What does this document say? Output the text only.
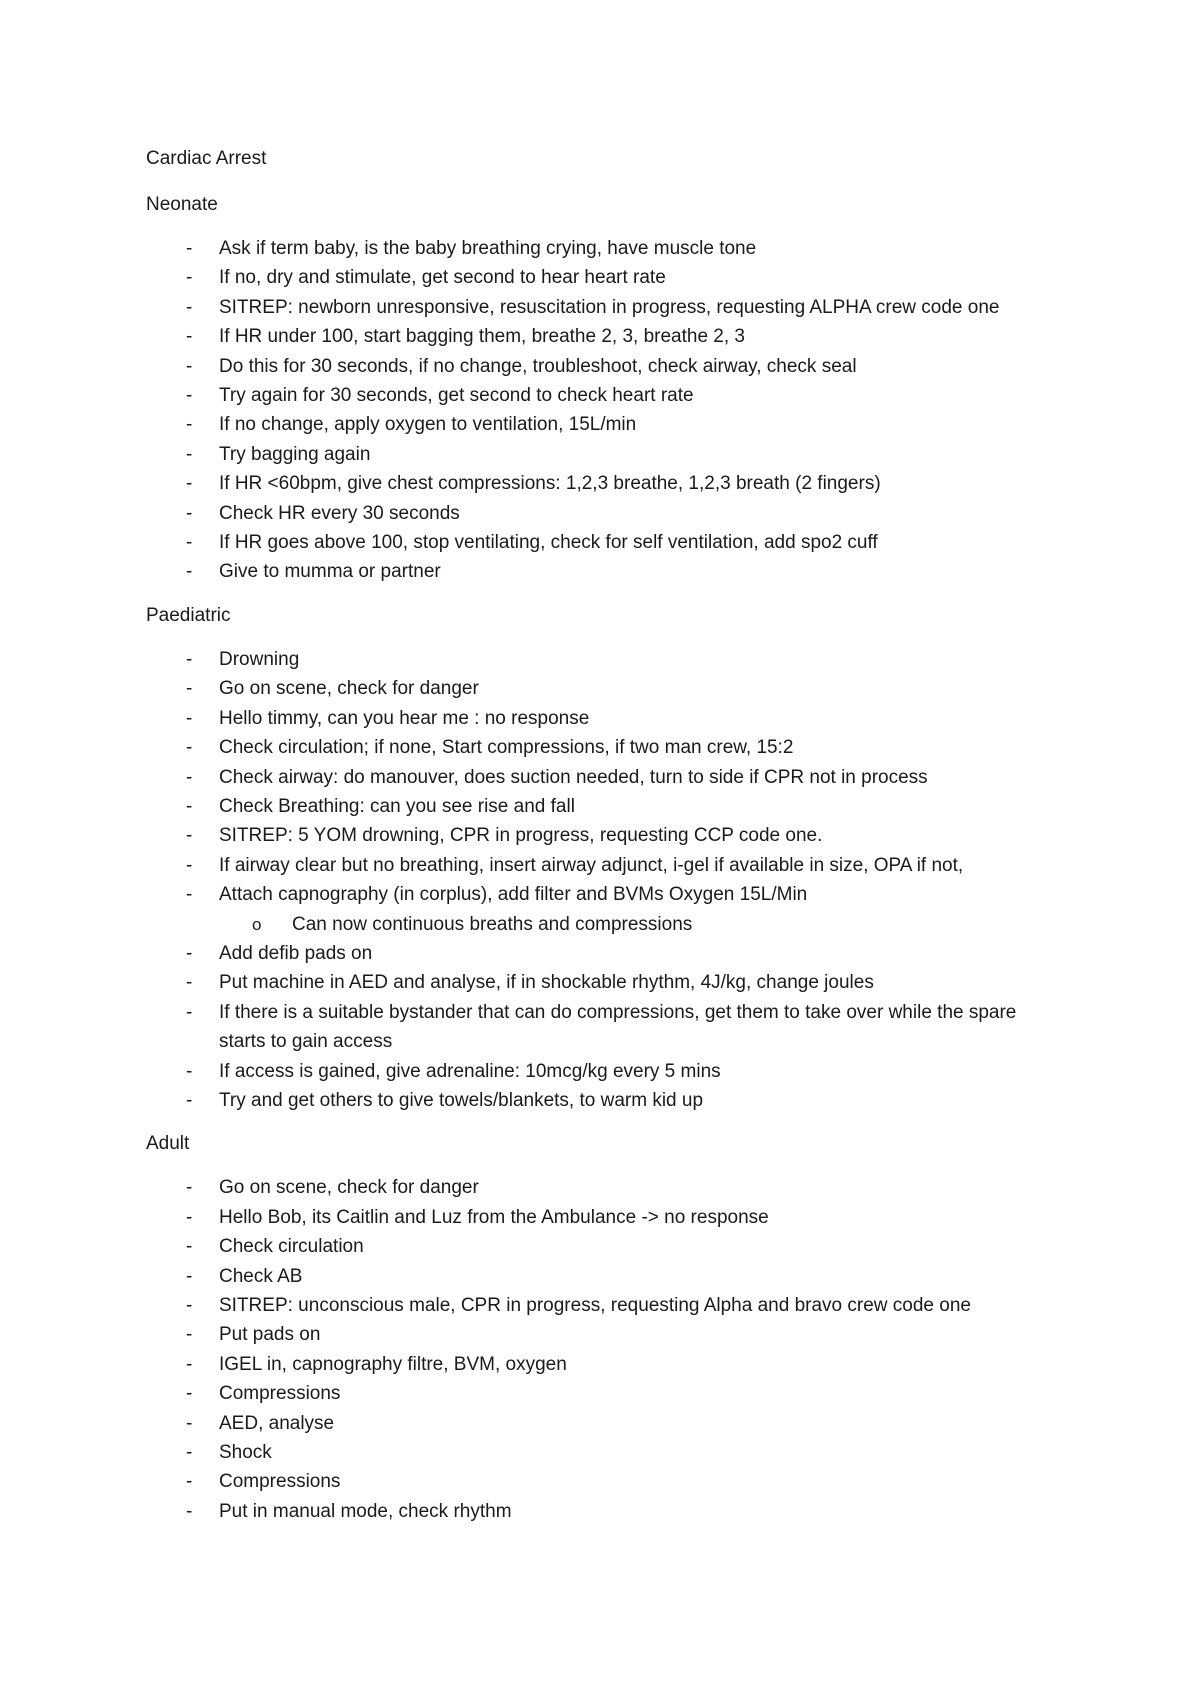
Cardiac Arrest
Neonate
- Ask if term baby, is the baby breathing crying, have muscle tone
- If no, dry and stimulate, get second to hear heart rate
- SITREP: newborn unresponsive, resuscitation in progress, requesting ALPHA crew code one
- If HR under 100, start bagging them, breathe 2, 3, breathe 2, 3
- Do this for 30 seconds, if no change, troubleshoot, check airway, check seal
- Try again for 30 seconds, get second to check heart rate
- If no change, apply oxygen to ventilation, 15L/min
- Try bagging again
- If HR <60bpm, give chest compressions: 1,2,3 breathe, 1,2,3 breath (2 fingers)
- Check HR every 30 seconds
- If HR goes above 100, stop ventilating, check for self ventilation, add spo2 cuff
- Give to mumma or partner
Paediatric
- Drowning
- Go on scene, check for danger
- Hello timmy, can you hear me : no response
- Check circulation; if none, Start compressions, if two man crew, 15:2
- Check airway: do manouver, does suction needed, turn to side if CPR not in process
- Check Breathing: can you see rise and fall
- SITREP: 5 YOM drowning, CPR in progress, requesting CCP code one.
- If airway clear but no breathing, insert airway adjunct, i-gel if available in size, OPA if not,
- Attach capnography (in corplus), add filter and BVMs Oxygen 15L/Min
o Can now continuous breaths and compressions
- Add defib pads on
- Put machine in AED and analyse, if in shockable rhythm, 4J/kg, change joules
- If there is a suitable bystander that can do compressions, get them to take over while the spare starts to gain access
- If access is gained, give adrenaline: 10mcg/kg every 5 mins
- Try and get others to give towels/blankets, to warm kid up
Adult
- Go on scene, check for danger
- Hello Bob, its Caitlin and Luz from the Ambulance -> no response
- Check circulation
- Check AB
- SITREP: unconscious male, CPR in progress, requesting Alpha and bravo crew code one
- Put pads on
- IGEL in, capnography filtre, BVM, oxygen
- Compressions
- AED, analyse
- Shock
- Compressions
- Put in manual mode, check rhythm
